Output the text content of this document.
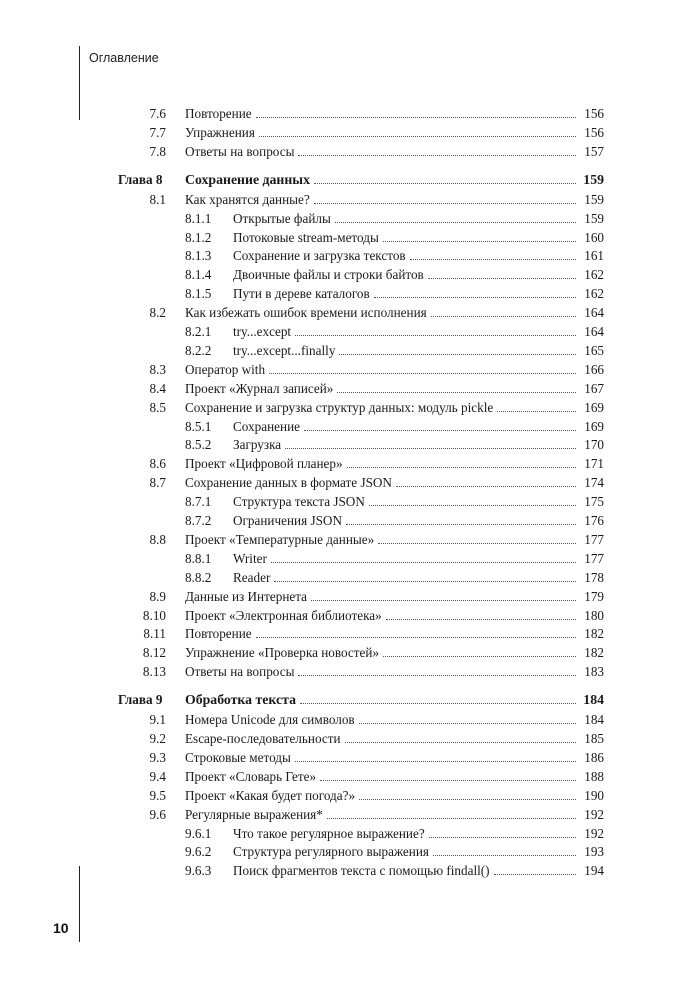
Оглавление
7.6 Повторение	156
7.7 Упражнения	156
7.8 Ответы на вопросы	157
Глава 8 Сохранение данных	159
8.1 Как хранятся данные?	159
8.1.1 Открытые файлы	159
8.1.2 Потоковые stream-методы	160
8.1.3 Сохранение и загрузка текстов	161
8.1.4 Двоичные файлы и строки байтов	162
8.1.5 Пути в дереве каталогов	162
8.2 Как избежать ошибок времени исполнения	164
8.2.1 try...except	164
8.2.2 try...except...finally	165
8.3 Оператор with	166
8.4 Проект «Журнал записей»	167
8.5 Сохранение и загрузка структур данных: модуль pickle	169
8.5.1 Сохранение	169
8.5.2 Загрузка	170
8.6 Проект «Цифровой планер»	171
8.7 Сохранение данных в формате JSON	174
8.7.1 Структура текста JSON	175
8.7.2 Ограничения JSON	176
8.8 Проект «Температурные данные»	177
8.8.1 Writer	177
8.8.2 Reader	178
8.9 Данные из Интернета	179
8.10 Проект «Электронная библиотека»	180
8.11 Повторение	182
8.12 Упражнение «Проверка новостей»	182
8.13 Ответы на вопросы	183
Глава 9 Обработка текста	184
9.1 Номера Unicode для символов	184
9.2 Escape-последовательности	185
9.3 Строковые методы	186
9.4 Проект «Словарь Гете»	188
9.5 Проект «Какая будет погода?»	190
9.6 Регулярные выражения*	192
9.6.1 Что такое регулярное выражение?	192
9.6.2 Структура регулярного выражения	193
9.6.3 Поиск фрагментов текста с помощью findall()	194
10
